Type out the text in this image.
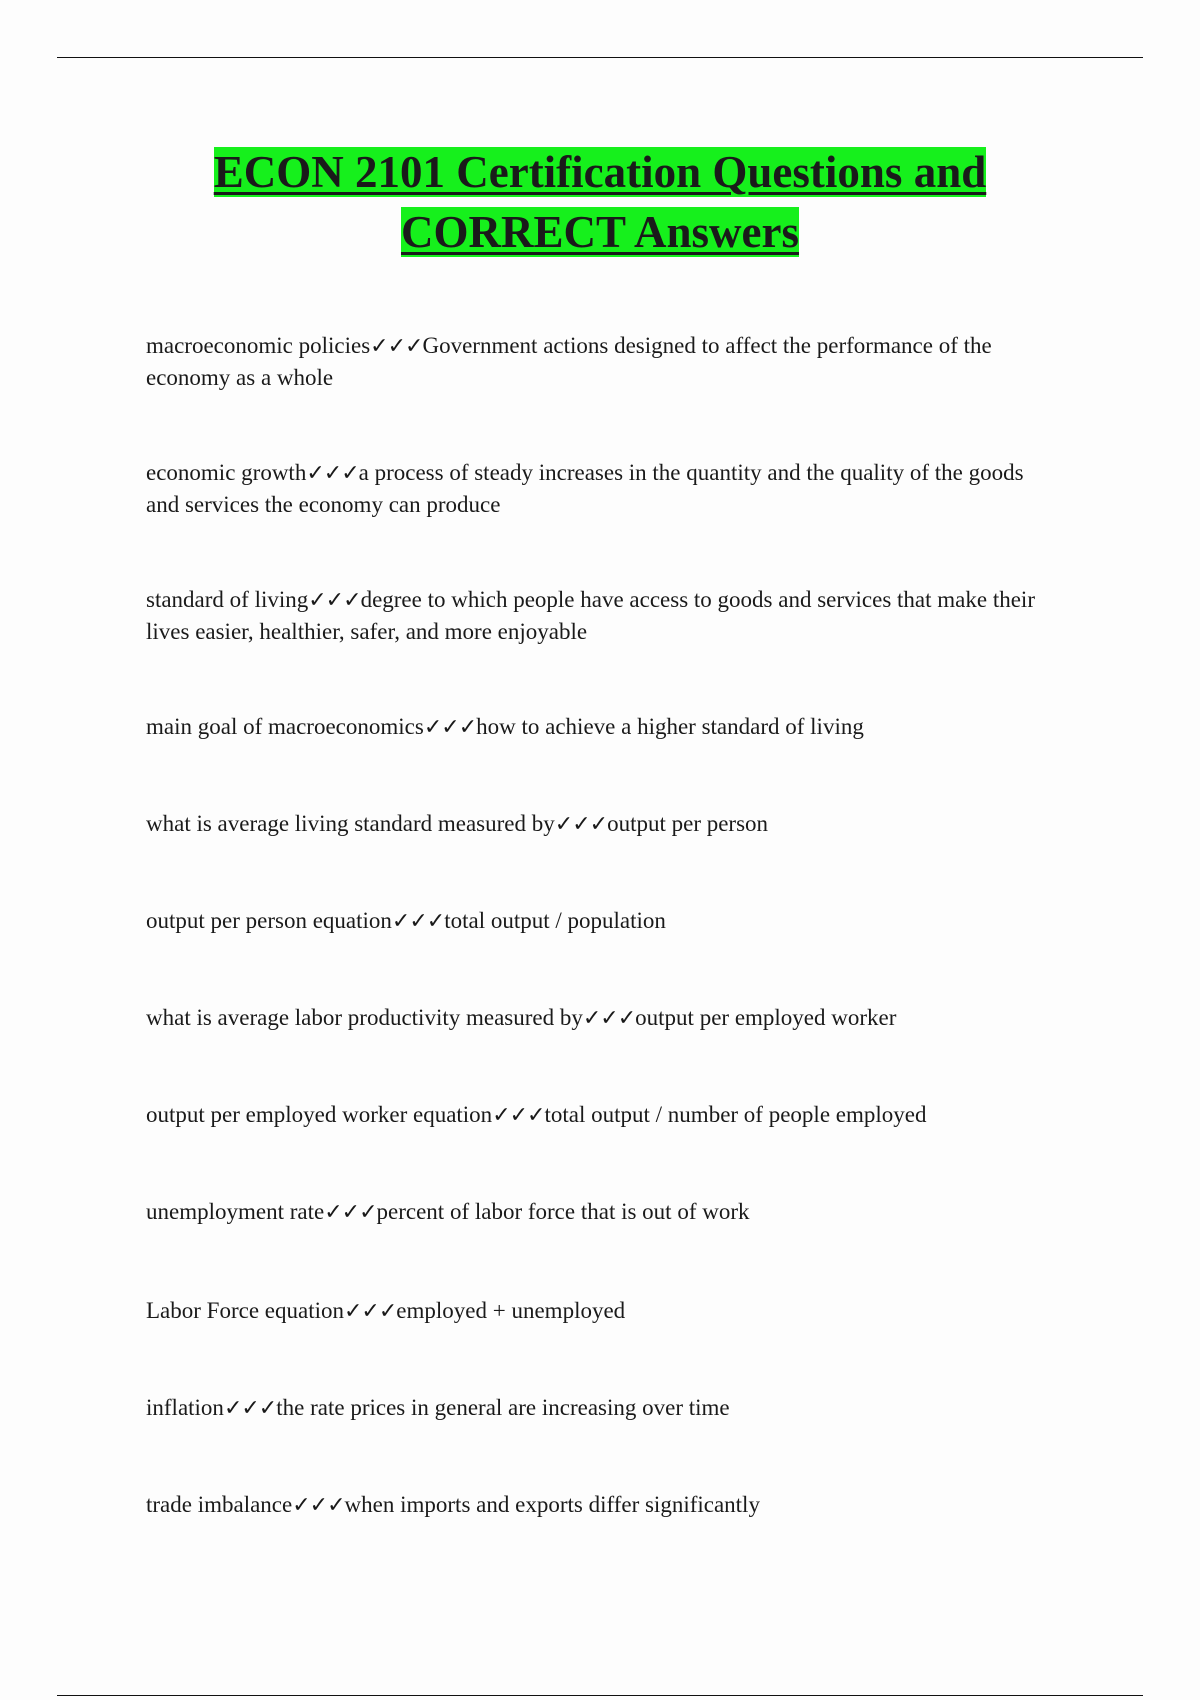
ECON 2101 Certification Questions and
CORRECT Answers

macroeconomic policies✓✓✓Government actions designed to affect the performance of the economy as a whole

economic growth✓✓✓a process of steady increases in the quantity and the quality of the goods and services the economy can produce

standard of living✓✓✓degree to which people have access to goods and services that make their lives easier, healthier, safer, and more enjoyable

main goal of macroeconomics✓✓✓how to achieve a higher standard of living

what is average living standard measured by✓✓✓output per person

output per person equation✓✓✓total output / population

what is average labor productivity measured by✓✓✓output per employed worker

output per employed worker equation✓✓✓total output / number of people employed

unemployment rate✓✓✓percent of labor force that is out of work

Labor Force equation✓✓✓employed + unemployed

inflation✓✓✓the rate prices in general are increasing over time

trade imbalance✓✓✓when imports and exports differ significantly
